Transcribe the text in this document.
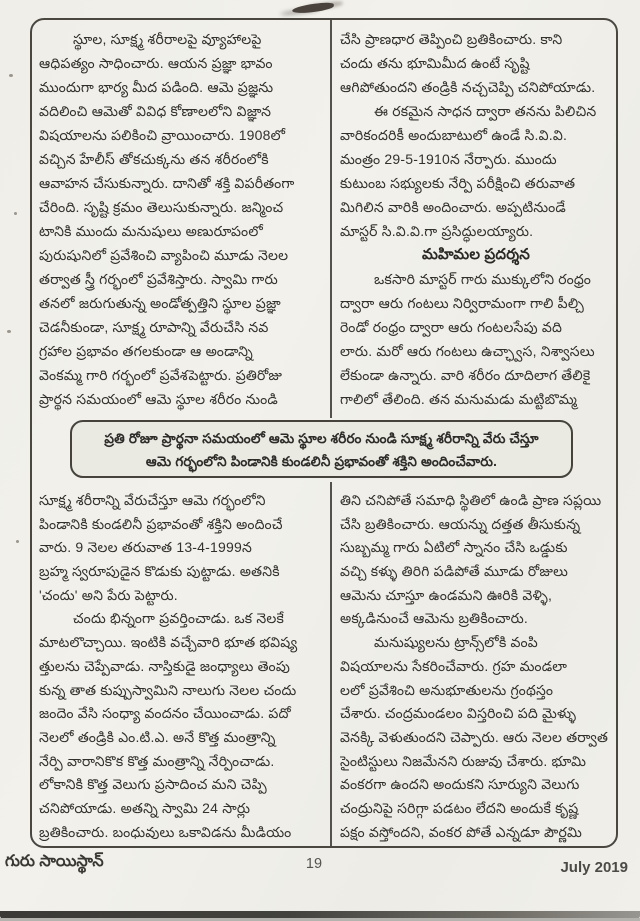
స్థూల, సూక్ష్మ శరీరాలపై వ్యూహాలపై
ఆధిపత్యం సాధించారు. ఆయన ప్రజ్ఞా భావం
ముందుగా భార్య మీద పడింది. ఆమె ప్రజ్ఞను
వదిలించి ఆమెతో వివిధ కోణాలలోని విజ్ఞాన
విషయాలను పలికించి వ్రాయించారు. 1908లో
వచ్చిన హేలీస్ తోకచుక్కను తన శరీరంలోకి
ఆవాహన చేసుకున్నారు. దానితో శక్తి విపరీతంగా
చేరింది. సృష్టి క్రమం తెలుసుకున్నారు. జన్మించ
టానికి ముందు మనుషులు అణురూపంలో
పురుషునిలో ప్రవేశించి వ్యాపించి మూడు నెలల
తర్వాత స్త్రీ గర్భంలో ప్రవేశిస్తారు. స్వామి గారు
తనలో జరుగుతున్న అండోత్పత్తిని స్థూల ప్రజ్ఞా
చెడనీకుండా, సూక్ష్మ రూపాన్ని వేరుచేసి నవ
గ్రహాల ప్రభావం తగలకుండా ఆ అండాన్ని
వెంకమ్మ గారి గర్భంలో ప్రవేశపెట్టారు. ప్రతిరోజు
ప్రార్థన సమయంలో ఆమె స్థూల శరీరం నుండి
చేసి ప్రాణధార తెప్పించి బ్రతికించారు. కాని
చందు తను భూమిమీద ఉంటే సృష్టి
ఆగిపోతుందని తండ్రికి నచ్చచెప్పి చనిపోయాడు.
ఈ రకమైన సాధన ద్వారా తనను పిలిచిన
వారికందరికీ అందుబాటులో ఉండే సి.వి.వి.
మంత్రం 29-5-1910న నేర్పారు. ముందు
కుటుంబ సభ్యులకు నేర్పి పరీక్షించి తరువాత
మిగిలిన వారికి అందించారు. అప్పటినుండే
మాస్టర్ సి.వి.వి.గా ప్రసిద్ధులయ్యారు.
మహిమల ప్రదర్శన
ఒకసారి మాస్టర్ గారు ముక్కులోని రంధ్రం
ద్వారా ఆరు గంటలు నిర్విరామంగా గాలి పీల్చి
రెండో రంధ్రం ద్వారా ఆరు గంటలసేపు వది
లారు. మరో ఆరు గంటలు ఉచ్ఛ్వాస, నిశ్వాసలు
లేకుండా ఉన్నారు. వారి శరీరం దూదిలాగ తేలికై
గాలిలో తేలింది. తన మనుమడు మట్టిబొమ్మ
ప్రతి రోజూ ప్రార్థనా సమయంలో ఆమె స్థూల శరీరం నుండి సూక్ష్మ శరీరాన్ని వేరు చేస్తూ
ఆమె గర్భంలోని పిండానికి కుండలినీ ప్రభావంతో శక్తిని అందించేవారు.
సూక్ష్మ శరీరాన్ని వేరుచేస్తూ ఆమె గర్భంలోని
పిండానికి కుండలినీ ప్రభావంతో శక్తిని అందించే
వారు. 9 నెలల తరువాత 13-4-1999న
బ్రహ్మ స్వరూపుడైన కొడుకు పుట్టాడు. అతనికి
'చందు' అని పేరు పెట్టారు.
చందు భిన్నంగా ప్రవర్తించాడు. ఒక నెలకే
మాటలొచ్చాయి. ఇంటికి వచ్చేవారి భూత భవిష్య
త్తులను చెప్పేవాడు. నాస్తికుడై జంధ్యాలు తెంపు
కున్న తాత కుప్పుస్వామిని నాలుగు నెలల చందు
జందెం వేసి సంధ్యా వందనం చేయించాడు. పదో
నెలలో తండ్రికి ఎం.టి.ఎ. అనే కొత్త మంత్రాన్ని
నేర్పి వారానికొక కొత్త మంత్రాన్ని నేర్పించాడు.
లోకానికి కొత్త వెలుగు ప్రసాదించ మని చెప్పి
చనిపోయాడు. అతన్ని స్వామి 24 సార్లు
బ్రతికించారు. బంధువులు ఒకావిడను మీడియం
తిని చనిపోతే సమాధి స్థితిలో ఉండి ప్రాణ సప్లయి
చేసి బ్రతికించారు. ఆయన్ను దత్తత తీసుకున్న
సుబ్బమ్మ గారు ఏటిలో స్నానం చేసి ఒడ్డుకు
వచ్చి కళ్ళు తిరిగి పడిపోతే మూడు రోజులు
ఆమెను చూస్తూ ఉండమని ఊరికి వెళ్ళి,
అక్కడినుంచే ఆమెను బ్రతికించారు.
మనుష్యులను ట్రాన్స్‌లోకి వంపి
విషయాలను సేకరించేవారు. గ్రహ మండలా
లలో ప్రవేశించి అనుభూతులను గ్రంథస్తం
చేశారు. చంద్రమండలం విస్తరించి పది మైళ్ళు
వెనక్కి వెళుతుందని చెప్పారు. ఆరు నెలల తర్వాత
సైంటిస్టులు నిజమేనని రుజువు చేశారు. భూమి
వంకరగా ఉందని అందుకని సూర్యుని వెలుగు
చంద్రునిపై సరిగ్గా పడటం లేదని అందుకే కృష్ణ
పక్షం వస్తోందని, వంకర పోతే ఎన్నడూ పౌర్ణమి
గురు సాయిస్థాన్	19	July 2019
